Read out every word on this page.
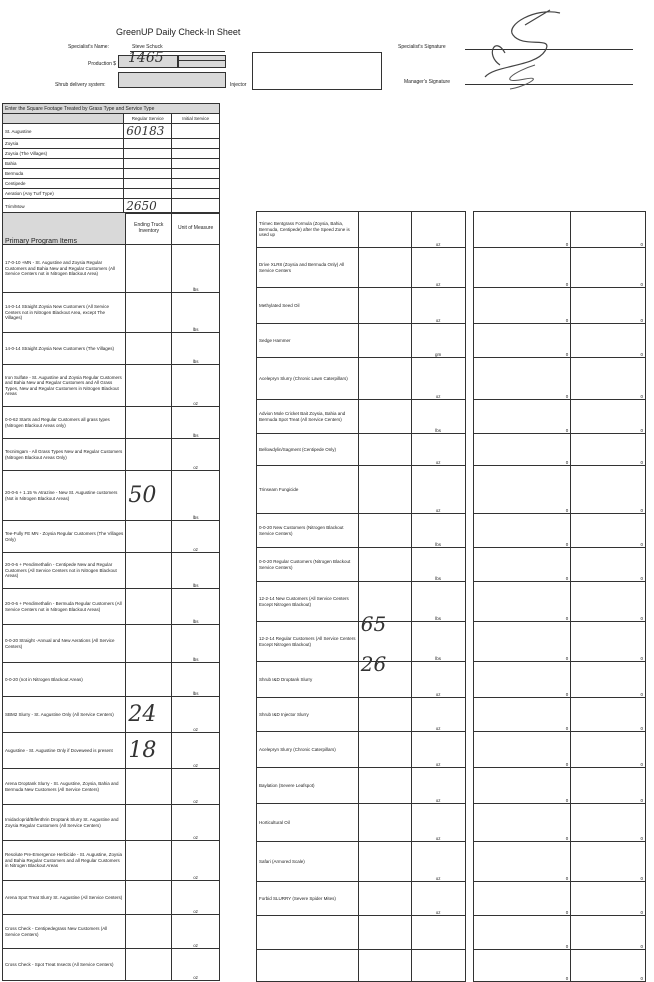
GreenUP Daily Check-In Sheet
Specialist's Name:	Steve Schuck
Production $ 1465
Shrub delivery system:	Injector
Specialist's Signature
Manager's Signature
Enter the Square Footage Treated by Grass Type and Service Type		
	Regular Service	Initial Service
St. Augustine	60183	
Zoysia		
Zoysia (The Villages)		
Bahia		
Bermuda		
Centipede		
Aeration (Any Turf Type)		
Trim/Mow	2650	
Primary Program Items	Ending Truck Inventory	Unit of Measure
17-0-10 +MN - St. Augustine and Zoysia Regular Customers and Bahia New and Regular Customers (All Service Centers not in Nitrogen Blackout Area)		lbs
14-0-14 Straight Zoysia New Customers (All Service Centers not in Nitrogen Blackout Area, except The Villages)		lbs
14-0-14 Straight Zoysia New Customers (The Villages)		lbs
Iron Sulfate - St. Augustine and Zoysia Regular Customers and Bahia New and Regular Customers and All Grass Types, New and Regular Customers in Nitrogen Blackout Areas		oz
0-0-62 Starts and Regular Customers all grass types (Nitrogen Blackout Areas only)		lbs
Tecnimgam - All Grass Types New and Regular Customers (Nitrogen Blackout Areas Only)		oz
20-0-6 + 1.15 % Atrazine - New St. Augustine customers (Not in Nitrogen Blackout Areas)	50	lbs
Tee-Fully FE MN - Zoysia Regular Customers (The Villages Only)		oz
20-0-6 + Pendimethalin - Centipede New and Regular Customers (All Service Centers not in Nitrogen Blackout Areas)		lbs
20-0-6 + Pendimethalin - Bermuda Regular Customers (All Service Centers not in Nitrogen Blackout Areas)		lbs
0-0-20 Straight -Annual and New Aerations (All Service Centers)		lbs
0-0-20 (not in Nitrogen Blackout Areas)		lbs
SBM2 Slurry - St. Augustine Only (All Service Centers)	24	oz
Augustine - St. Augustine Only if Doveweed is present	18	oz
Arena Droptank Slurry - St. Augustine, Zoysia, Bahia and Bermuda New Customers (All Service Centers)		oz
Imidacloprid/Bifenthrin Droptank Slurry St. Augustine and Zoysia Regular Customers (All Service Centers)		oz
Resolute Pre-Emergence Herbicide - St. Augustine, Zoysia and Bahia Regular Customers and all Regular Customers in Nitrogen Blackout Areas		oz
Arena Spot Treat Slurry St. Augustine (All Service Centers)		oz
Cross Check - Centipedegrass New Customers (All Service Centers)		oz
Cross Check - Spot Treat Insects (All Service Centers)		oz
Trimec Bentgrass Formula (Zoysia, Bahia, Bermuda, Centipede) after the Speed Zone is used up		oz		0	0
Drive XLR8 (Zoysia and Bermuda Only) All Service Centers		oz		0	0
Methylated Seed Oil		oz		0	0
Sedge Hammer		gm		0	0
Acelepryn Slurry (Chronic Lawn Caterpillars)		oz		0	0
Advion Mole Cricket Bait Zoysia, Bahia and Bermuda Spot Treat (All Service Centers)		lbs		0	0
Bellowdylin/Sagment (Centipede Only)		oz		0	0
Trinseam Fungicide		oz		0	0
0-0-20 New Customers (Nitrogen Blackout Service Centers)		lbs		0	0
0-0-20 Regular Customers (Nitrogen Blackout Service Centers)		lbs		0	0
12-2-14 New Customers (All Service Centers Except Nitrogen Blackout)		lbs		0	0
12-2-14 Regular Customers (All Service Centers Except Nitrogen Blackout)	65	lbs		0	0
Shrub I&D Droptank Slurry	26	oz		0	0
Shrub I&D Injector Slurry		oz		0	0
Acelepryn Slurry (Chronic Caterpillars)		oz		0	0
Baylation (Severe Leafspot)		oz		0	0
Horticultural Oil		oz		0	0
Safari (Armored Scale)		oz		0	0
Forbid SLURRY (Severe Spider Mites)		oz		0	0
				0	0
				0	0
